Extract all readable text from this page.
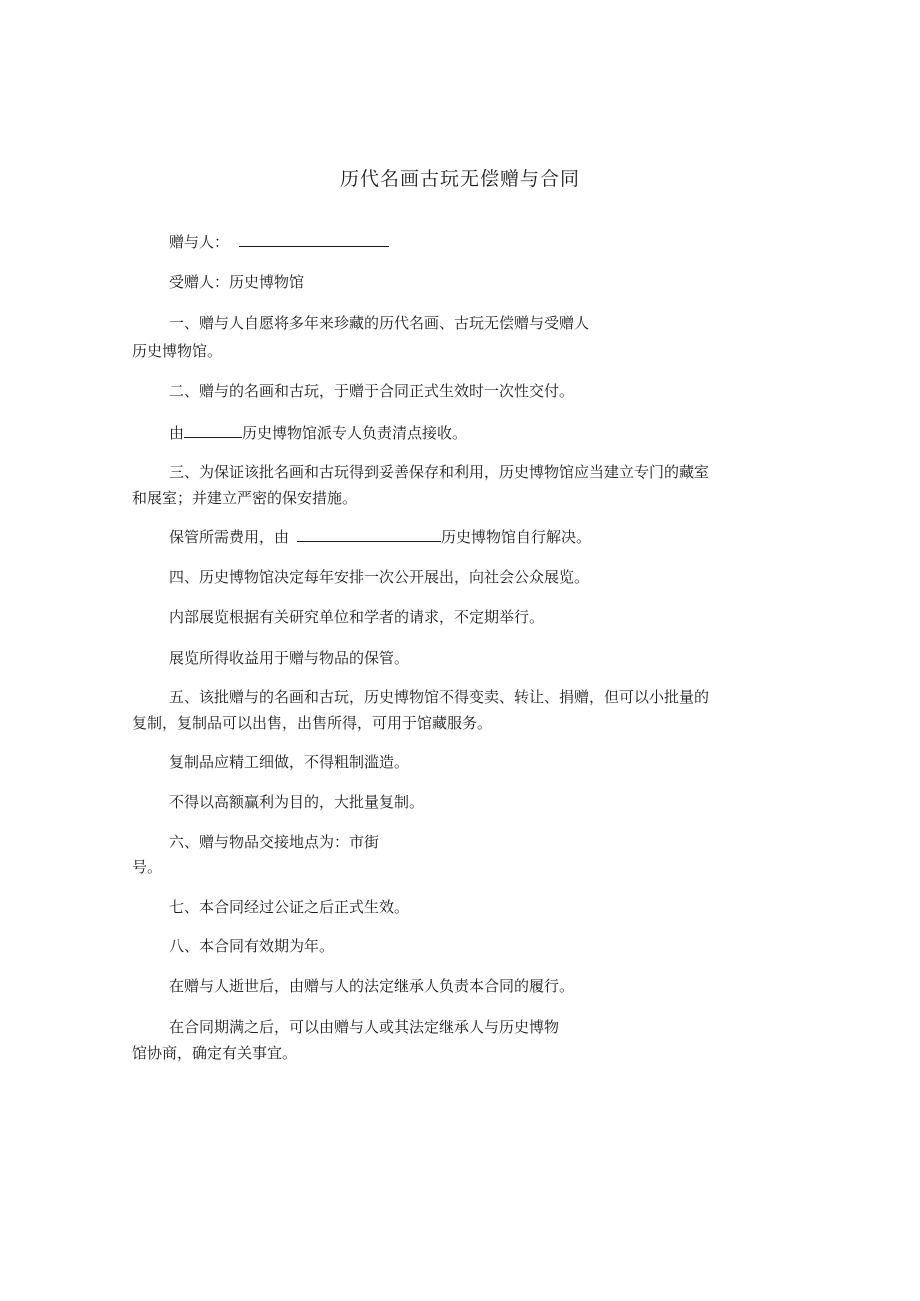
历代名画古玩无偿赠与合同
赠与人：
受赠人：历史博物馆
一、赠与人自愿将多年来珍藏的历代名画、古玩无偿赠与受赠人
历史博物馆。
二、赠与的名画和古玩，于赠于合同正式生效时一次性交付。
由	历史博物馆派专人负责清点接收。
三、为保证该批名画和古玩得到妥善保存和利用，历史博物馆应当建立专门的藏室
和展室；并建立严密的保安措施。
保管所需费用，由	历史博物馆自行解决。
四、历史博物馆决定每年安排一次公开展出，向社会公众展览。
内部展览根据有关研究单位和学者的请求，不定期举行。
展览所得收益用于赠与物品的保管。
五、该批赠与的名画和古玩，历史博物馆不得变卖、转让、捐赠，但可以小批量的
复制，复制品可以出售，出售所得，可用于馆藏服务。
复制品应精工细做，不得粗制滥造。
不得以高额赢利为目的，大批量复制。
六、赠与物品交接地点为：市街
号。
七、本合同经过公证之后正式生效。
八、本合同有效期为年。
在赠与人逝世后，由赠与人的法定继承人负责本合同的履行。
在合同期满之后，可以由赠与人或其法定继承人与历史博物
馆协商，确定有关事宜。
